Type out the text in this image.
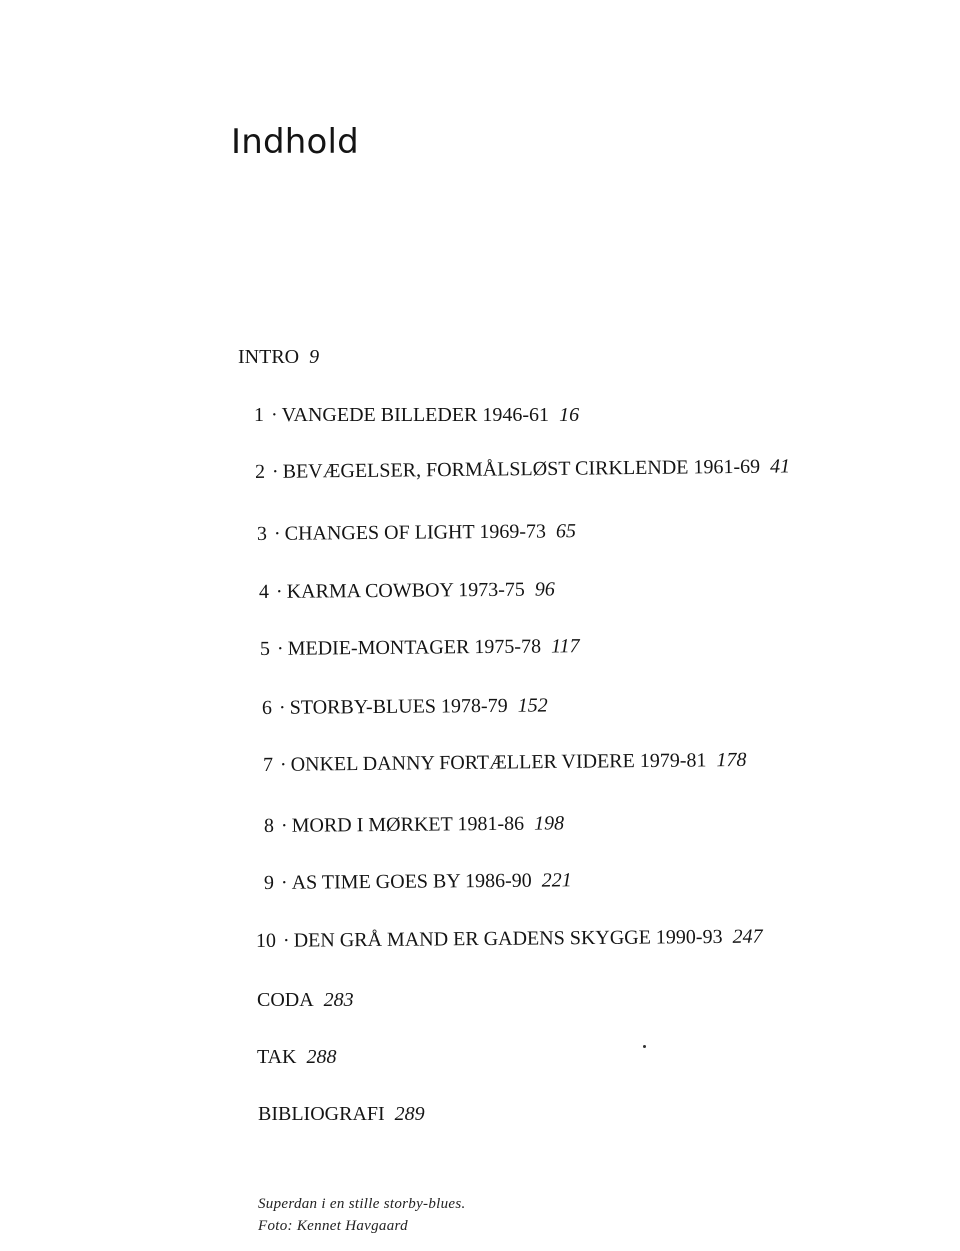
Indhold
INTRO 9
1 · VANGEDE BILLEDER 1946-61 16
2 · BEVÆGELSER, FORMÅLSLØST CIRKLENDE 1961-69 41
3 · CHANGES OF LIGHT 1969-73 65
4 · KARMA COWBOY 1973-75 96
5 · MEDIE-MONTAGER 1975-78 117
6 · STORBY-BLUES 1978-79 152
7 · ONKEL DANNY FORTÆLLER VIDERE 1979-81 178
8 · MORD I MØRKET 1981-86 198
9 · AS TIME GOES BY 1986-90 221
10 · DEN GRÅ MAND ER GADENS SKYGGE 1990-93 247
CODA 283
TAK 288
BIBLIOGRAFI 289
Superdan i en stille storby-blues.
Foto: Kennet Havgaard
